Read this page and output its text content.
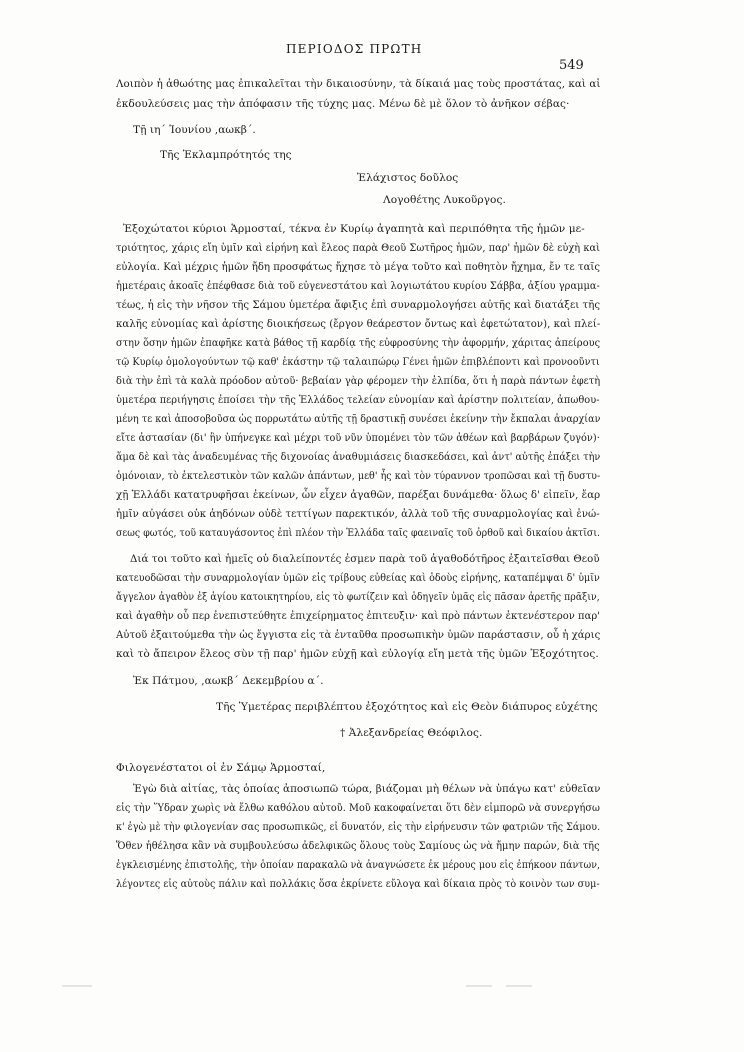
ΠΕΡΙΟΔΟΣ ΠΡΩΤΗ
549
Λοιπὸν ἡ ἀθωότης μας ἐπικαλεῖται τὴν δικαιοσύνην, τὰ δίκαιά μας τοὺς προστάτας, καὶ αἱ
ἐκδουλεύσεις μας τὴν ἀπόφασιν τῆς τύχης μας. Μένω δὲ μὲ ὅλον τὸ ἀνῆκον σέβας·
Τῇ ιη΄ Ἰουνίου ,αωκβ΄.
Τῆς Ἐκλαμπρότητός της
Ἐλάχιστος δοῦλος
Λογοθέτης Λυκοῦργος.
Ἐξοχώτατοι κύριοι Ἁρμοσταί, τέκνα ἐν Κυρίῳ ἀγαπητὰ καὶ περιπόθητα τῆς ἡμῶν με-
τριότητος, χάρις εἴη ὑμῖν καὶ εἰρήνη καὶ ἔλεος παρὰ Θεοῦ Σωτῆρος ἡμῶν, παρ' ἡμῶν δὲ εὐχὴ καὶ
εὐλογία. Καὶ μέχρις ἡμῶν ἤδη προσφάτως ἤχησε τὸ μέγα τοῦτο καὶ ποθητὸν ἤχημα, ἔν τε ταῖς
ἡμετέραις ἀκοαῖς ἐπέφθασε διὰ τοῦ εὐγενεστάτου καὶ λογιωτάτου κυρίου Σάββα, ἀξίου γραμμα-
τέως, ἡ εἰς τὴν νῆσον τῆς Σάμου ὑμετέρα ἄφιξις ἐπὶ συναρμολογήσει αὐτῆς καὶ διατάξει τῆς
καλῆς εὐνομίας καὶ ἀρίστης διοικήσεως (ἔργον θεάρεστον ὄντως καὶ ἐφετώτατον), καὶ πλεί-
στην ὅσην ἡμῶν ἐπαφῆκε κατὰ βάθος τῇ καρδίᾳ τῆς εὐφροσύνης τὴν ἀφορμήν, χάριτας ἀπείρους
τῷ Κυρίῳ ὁμολογούντων τῷ καθ' ἑκάστην τῷ ταλαιπώρῳ Γένει ἡμῶν ἐπιβλέποντι καὶ προνοοῦντι
διὰ τὴν ἐπὶ τὰ καλὰ πρόοδον αὐτοῦ· βεβαίαν γὰρ φέρομεν τὴν ἐλπίδα, ὅτι ἡ παρὰ πάντων ἐφετὴ
ὑμετέρα περιήγησις ἐποίσει τὴν τῆς Ἑλλάδος τελείαν εὐνομίαν καὶ ἀρίστην πολιτείαν, ἀπωθου-
μένη τε καὶ ἀποσοβοῦσα ὡς πορρωτάτω αὐτῆς τῇ δραστικῇ συνέσει ἐκείνην τὴν ἔκπαλαι ἀναρχίαν
εἴτε ἀστασίαν (δι' ἣν ὑπήνεγκε καὶ μέχρι τοῦ νῦν ὑπομένει τὸν τῶν ἀθέων καὶ βαρβάρων ζυγόν)·
ἅμα δὲ καὶ τὰς ἀναδευμένας τῆς διχονοίας ἀναθυμιάσεις διασκεδάσει, καὶ ἀντ' αὐτῆς ἐπάξει τὴν
ὁμόνοιαν, τὸ ἐκτελεστικὸν τῶν καλῶν ἁπάντων, μεθ' ἧς καὶ τὸν τύραννον τροπῶσαι καὶ τῇ δυστυ-
χῇ Ἑλλάδι κατατρυφῆσαι ἐκείνων, ὧν εἶχεν ἀγαθῶν, παρέξαι δυνάμεθα· ὅλως δ' εἰπεῖν, ἔαρ
ἡμῖν αὐγάσει οὐκ ἀηδόνων οὐδὲ τεττίγων παρεκτικόν, ἀλλὰ τοῦ τῆς συναρμολογίας καὶ ἑνώ-
σεως φωτός, τοῦ καταυγάσοντος ἐπὶ πλέον τὴν Ἑλλάδα ταῖς φαειναῖς τοῦ ὀρθοῦ καὶ δικαίου ἀκτῖσι.
Διά τοι τοῦτο καὶ ἡμεῖς οὐ διαλείποντές ἐσμεν παρὰ τοῦ ἀγαθοδότῆρος ἐξαιτεῖσθαι Θεοῦ
κατευοδῶσαι τὴν συναρμολογίαν ὑμῶν εἰς τρίβους εὐθείας καὶ ὁδοὺς εἰρήνης, καταπέμψαι δ' ὑμῖν
ἄγγελον ἀγαθὸν ἐξ ἁγίου κατοικητηρίου, εἰς τὸ φωτίζειν καὶ ὁδηγεῖν ὑμᾶς εἰς πᾶσαν ἀρετῆς πρᾶξιν,
καὶ ἀγαθὴν οὗ περ ἐνεπιστεύθητε ἐπιχείρηματος ἐπιτευξιν· καὶ πρὸ πάντων ἐκτενέστερον παρ'
Αὐτοῦ ἐξαιτούμεθα τὴν ὡς ἔγγιστα εἰς τὰ ἐνταῦθα προσωπικὴν ὑμῶν παράστασιν, οὗ ἡ χάρις
καὶ τὸ ἄπειρον ἔλεος σὺν τῇ παρ' ἡμῶν εὐχῇ καὶ εὐλογίᾳ εἴη μετὰ τῆς ὑμῶν Ἐξοχότητος.
Ἐκ Πάτμου, ,αωκβ΄ Δεκεμβρίου α΄.
Τῆς Ὑμετέρας περιβλέπτου ἐξοχότητος καὶ εἰς Θεὸν διάπυρος εὐχέτης
† Ἀλεξανδρείας Θεόφιλος.
Φιλογενέστατοι οἱ ἐν Σάμῳ Ἁρμοσταί,
Ἐγὼ διὰ αἰτίας, τὰς ὁποίας ἀποσιωπῶ τώρα, βιάζομαι μὴ θέλων νὰ ὑπάγω κατ' εὐθεῖαν
εἰς τὴν Ὕδραν χωρὶς νὰ ἔλθω καθόλου αὐτοῦ. Μοῦ κακοφαίνεται ὅτι δὲν εἰμπορῶ νὰ συνεργήσω
κ' ἐγὼ μὲ τὴν φιλογενίαν σας προσωπικῶς, εἰ δυνατόν, εἰς τὴν εἰρήνευσιν τῶν φατριῶν τῆς Σάμου.
Ὅθεν ἠθέλησα κἂν νὰ συμβουλεύσω ἀδελφικῶς ὅλους τοὺς Σαμίους ὡς νὰ ἤμην παρών, διὰ τῆς
ἐγκλεισμένης ἐπιστολῆς, τὴν ὁποίαν παρακαλῶ νὰ ἀναγνώσετε ἐκ μέρους μου εἰς ἐπήκοον πάντων,
λέγοντες εἰς αὐτοὺς πάλιν καὶ πολλάκις ὅσα ἐκρίνετε εὔλογα καὶ δίκαια πρὸς τὸ κοινὸν των συμ-
